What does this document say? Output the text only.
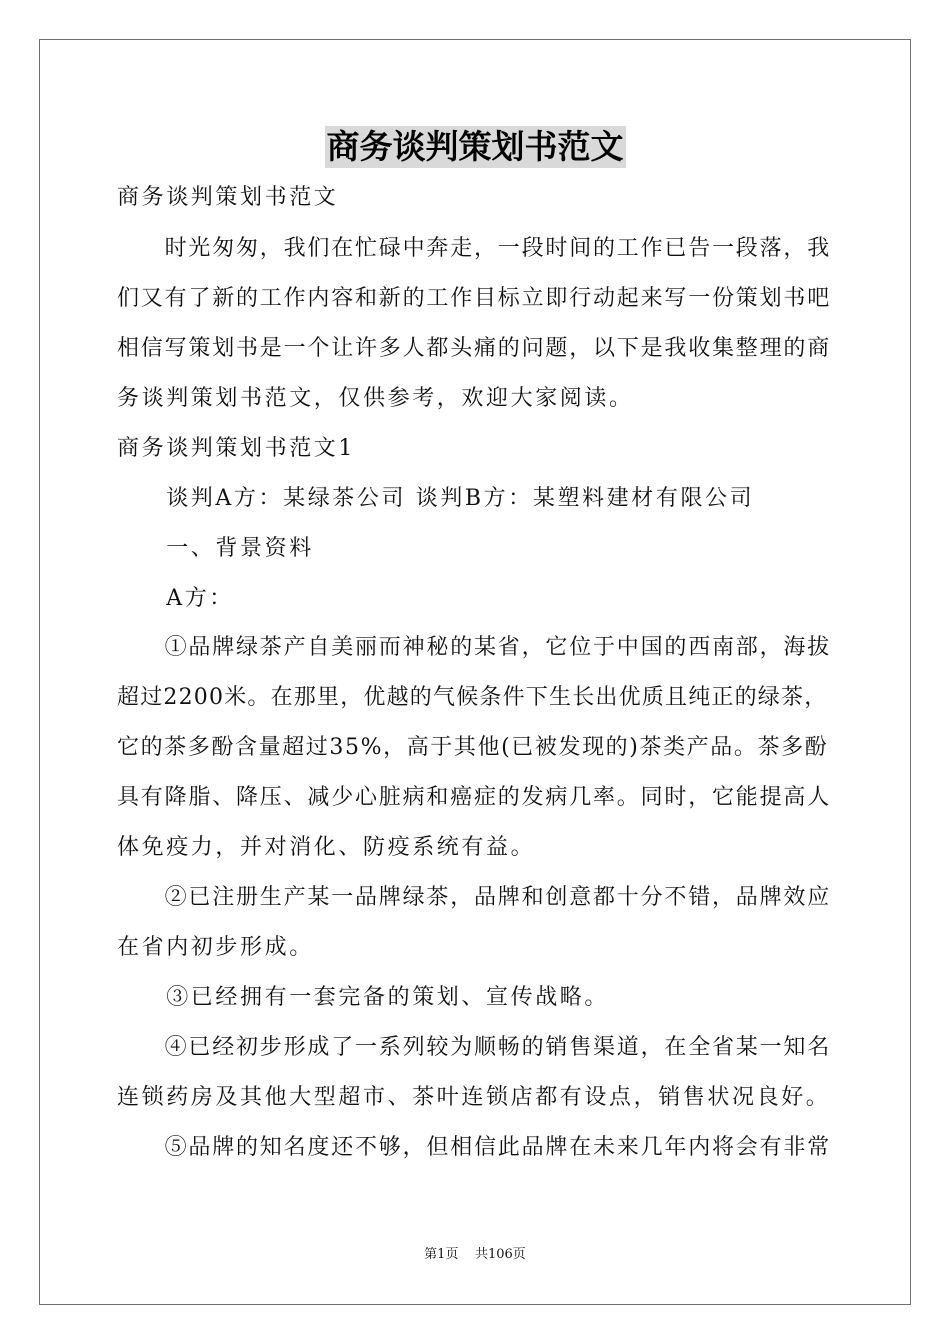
商务谈判策划书范文
商务谈判策划书范文
　　时光匆匆，我们在忙碌中奔走，一段时间的工作已告一段落，我
们又有了新的工作内容和新的工作目标立即行动起来写一份策划书吧
相信写策划书是一个让许多人都头痛的问题，以下是我收集整理的商
务谈判策划书范文，仅供参考，欢迎大家阅读。
商务谈判策划书范文1
　　谈判A方：某绿茶公司 谈判B方：某塑料建材有限公司
　　一、背景资料
　　A方：
　　①品牌绿茶产自美丽而神秘的某省，它位于中国的西南部，海拔
超过2200米。在那里，优越的气候条件下生长出优质且纯正的绿茶，
它的茶多酚含量超过35%，高于其他(已被发现的)茶类产品。茶多酚
具有降脂、降压、减少心脏病和癌症的发病几率。同时，它能提高人
体免疫力，并对消化、防疫系统有益。
　　②已注册生产某一品牌绿茶，品牌和创意都十分不错，品牌效应
在省内初步形成。
　　③已经拥有一套完备的策划、宣传战略。
　　④已经初步形成了一系列较为顺畅的销售渠道，在全省某一知名
连锁药房及其他大型超市、茶叶连锁店都有设点，销售状况良好。
　　⑤品牌的知名度还不够，但相信此品牌在未来几年内将会有非常
第1页 共106页
